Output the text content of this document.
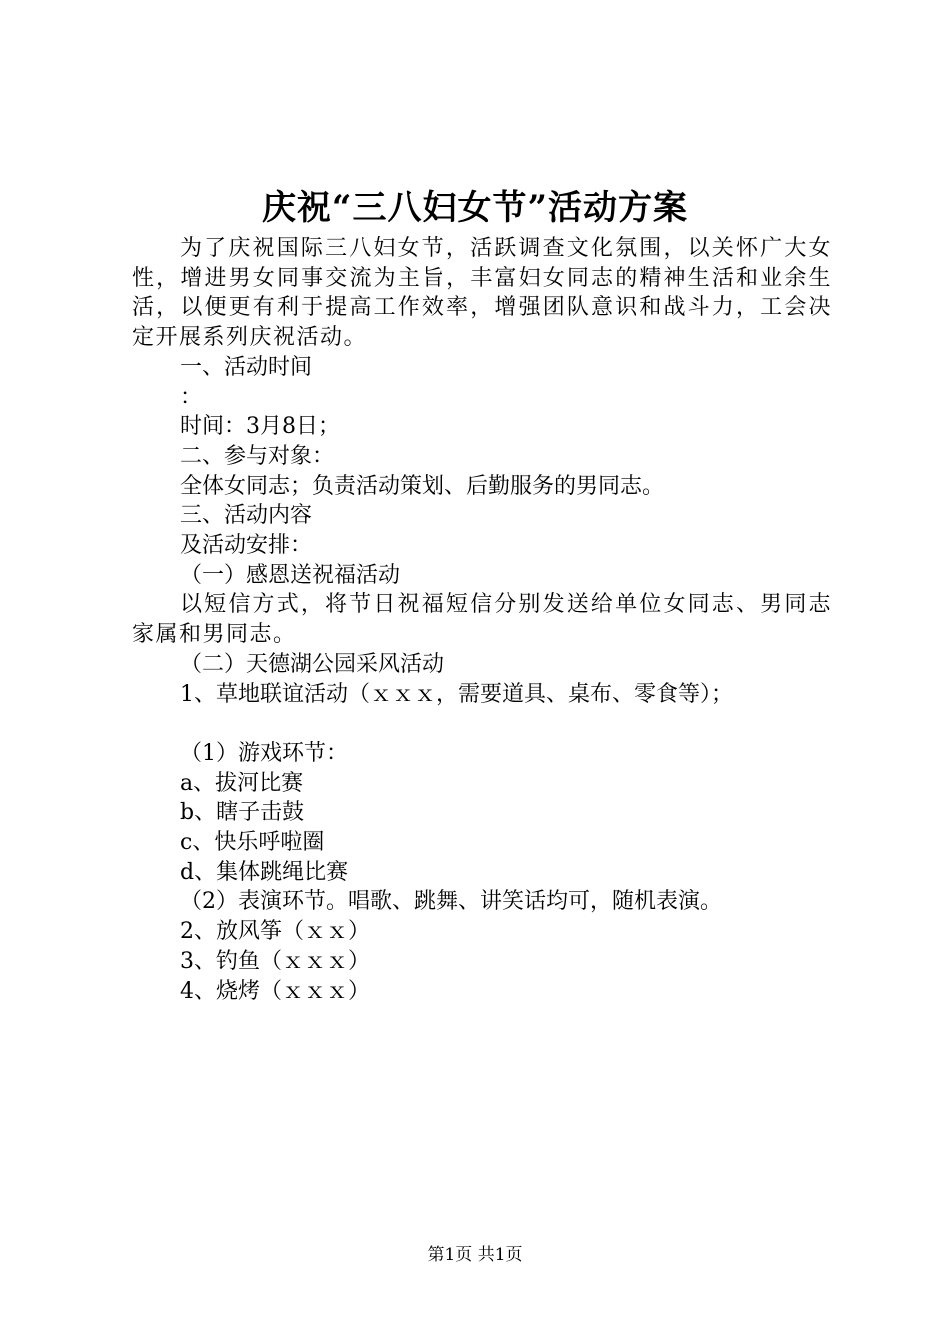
庆祝“三八妇女节”活动方案

为了庆祝国际三八妇女节，活跃调查文化氛围，以关怀广大女性，增进男女同事交流为主旨，丰富妇女同志的精神生活和业余生活，以便更有利于提高工作效率，增强团队意识和战斗力，工会决定开展系列庆祝活动。

一、活动时间

：

时间：3月8日；

二、参与对象：

全体女同志；负责活动策划、后勤服务的男同志。

三、活动内容

及活动安排：

（一）感恩送祝福活动

以短信方式，将节日祝福短信分别发送给单位女同志、男同志家属和男同志。

（二）天德湖公园采风活动

1、草地联谊活动（ｘｘｘ，需要道具、桌布、零食等）；

（1）游戏环节：

a、拔河比赛

b、瞎子击鼓

c、快乐呼啦圈

d、集体跳绳比赛

（2）表演环节。唱歌、跳舞、讲笑话均可，随机表演。

2、放风筝（ｘｘ）

3、钓鱼（ｘｘｘ）

4、烧烤（ｘｘｘ）

第1页 共1页
